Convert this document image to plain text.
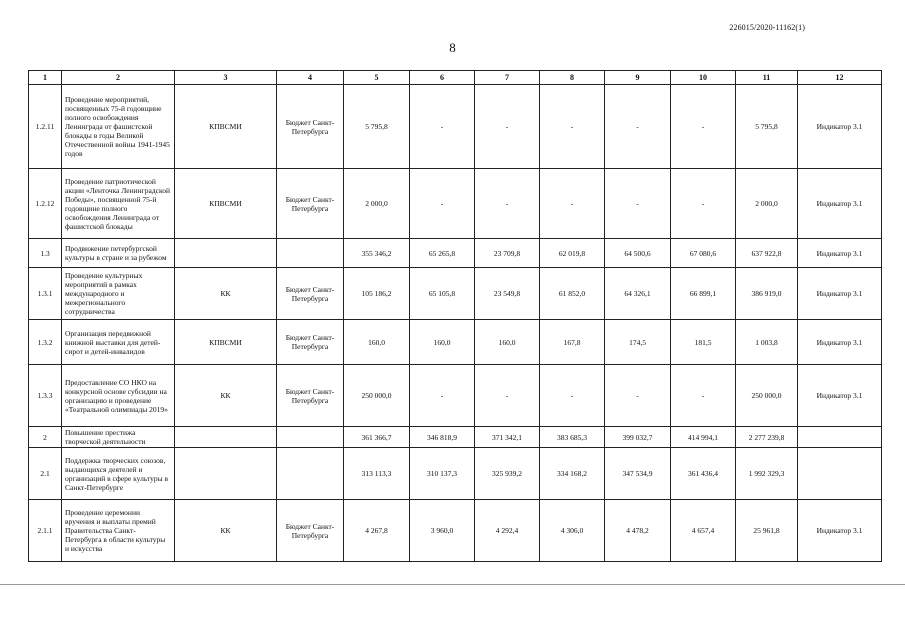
226015/2020-11162(1)
8
1	2	3	4	5	6	7	8	9	10	11	12
1.2.11	Проведение мероприятий, посвященных 75-й годовщине полного освобождения Ленинграда от фашистской блокады в годы Великой Отечественной войны 1941-1945 годов	КПВСМИ	Бюджет Санкт-Петербурга	5 795,8	-	-	-	-	-	5 795,8	Индикатор 3.1
1.2.12	Проведение патриотической акции «Ленточка Ленинградской Победы», посвященной 75-й годовщине полного освобождения Ленинграда от фашистской блокады	КПВСМИ	Бюджет Санкт-Петербурга	2 000,0	-	-	-	-	-	2 000,0	Индикатор 3.1
1.3	Продвижение петербургской культуры в стране и за рубежом			355 346,2	65 265,8	23 709,8	62 019,8	64 500,6	67 080,6	637 922,8	Индикатор 3.1
1.3.1	Проведение культурных мероприятий в рамках международного и межрегионального сотрудничества	КК	Бюджет Санкт-Петербурга	105 186,2	65 105,8	23 549,8	61 852,0	64 326,1	66 899,1	386 919,0	Индикатор 3.1
1.3.2	Организация передвижной книжной выставки для детей-сирот и детей-инвалидов	КПВСМИ	Бюджет Санкт-Петербурга	160,0	160,0	160,0	167,8	174,5	181,5	1 003,8	Индикатор 3.1
1.3.3	Предоставление СО НКО на конкурсной основе субсидии на организацию и проведение «Театральной олимпиады 2019»	КК	Бюджет Санкт-Петербурга	250 000,0	-	-	-	-	-	250 000,0	Индикатор 3.1
2	Повышение престижа творческой деятельности			361 366,7	346 818,9	371 342,1	383 685,3	399 032,7	414 994,1	2 277 239,8	
2.1	Поддержка творческих союзов, выдающихся деятелей и организаций в сфере культуры в Санкт-Петербурге			313 113,3	310 137,3	325 939,2	334 168,2	347 534,9	361 436,4	1 992 329,3	
2.1.1	Проведение церемонии вручения и выплаты премий Правительства Санкт-Петербурга в области культуры и искусства	КК	Бюджет Санкт-Петербурга	4 267,8	3 960,0	4 292,4	4 306,0	4 478,2	4 657,4	25 961,8	Индикатор 3.1
